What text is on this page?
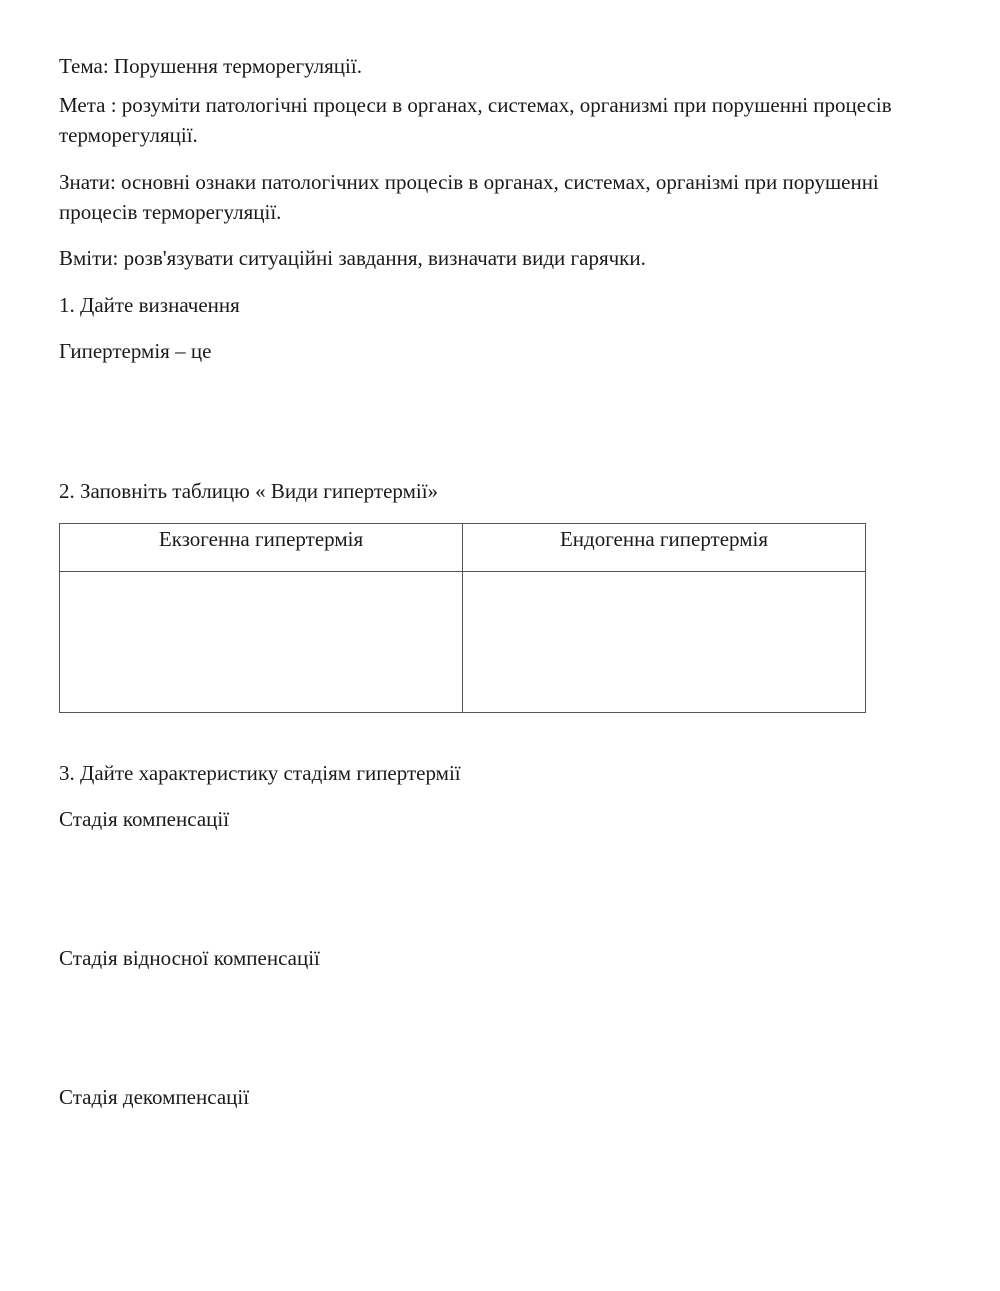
Тема: Порушення терморегуляції.
Мета : розуміти патологічні процеси в органах, системах, организмі при порушенні процесів терморегуляції.
Знати: основні ознаки патологічних процесів в органах, системах, організмі при порушенні процесів терморегуляції.
Вміти: розв'язувати ситуаційні завдання, визначати види гарячки.
1. Дайте визначення
Гипертермія – це
2. Заповніть таблицю « Види гипертермії»
Екзогенна гипертермія	Ендогенна гипертермія

3. Дайте характеристику стадіям гипертермії
Стадія компенсації
Стадія відносної компенсації
Стадія декомпенсації
